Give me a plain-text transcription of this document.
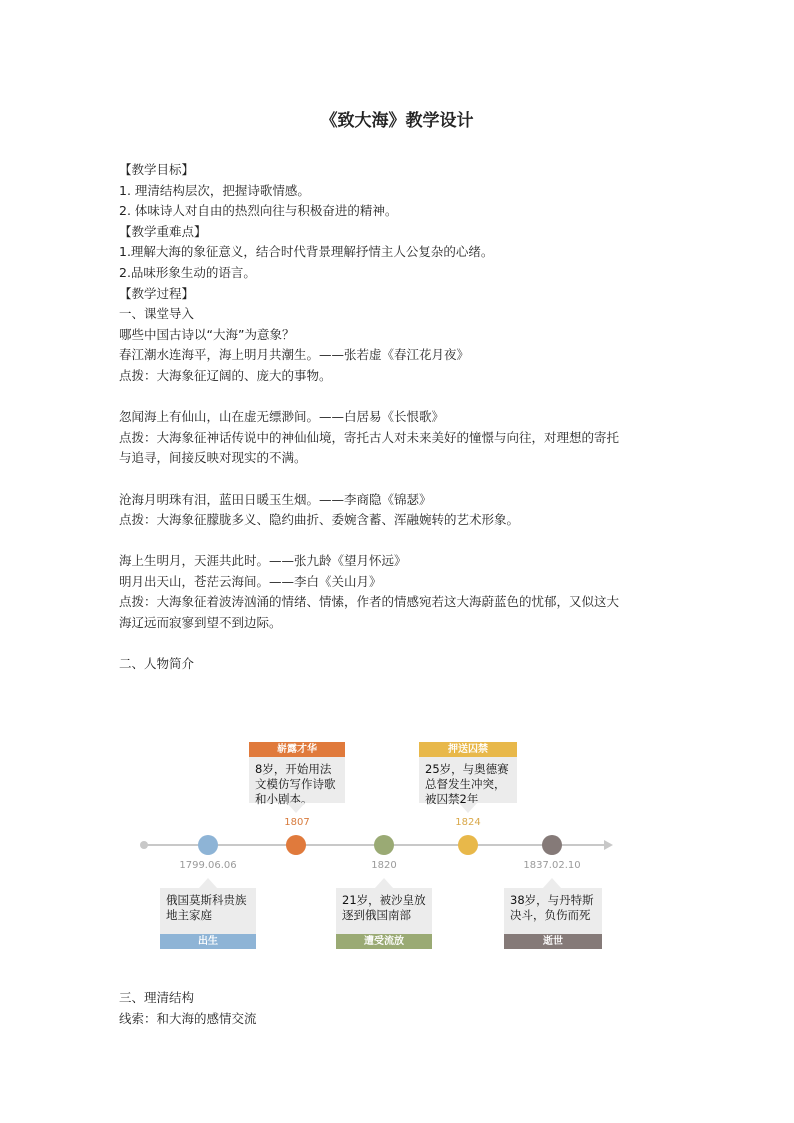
《致大海》教学设计

【教学目标】

1. 理清结构层次，把握诗歌情感。

2. 体味诗人对自由的热烈向往与积极奋进的精神。

【教学重难点】

1.理解大海的象征意义，结合时代背景理解抒情主人公复杂的心绪。

2.品味形象生动的语言。

【教学过程】

一、课堂导入

哪些中国古诗以“大海”为意象？

春江潮水连海平，海上明月共潮生。——张若虚《春江花月夜》

点拨：大海象征辽阔的、庞大的事物。

忽闻海上有仙山，山在虚无缥渺间。——白居易《长恨歌》

点拨：大海象征神话传说中的神仙仙境，寄托古人对未来美好的憧憬与向往，对理想的寄托

与追寻，间接反映对现实的不满。

沧海月明珠有泪，蓝田日暖玉生烟。——李商隐《锦瑟》

点拨：大海象征朦胧多义、隐约曲折、委婉含蓄、浑融婉转的艺术形象。

海上生明月，天涯共此时。——张九龄《望月怀远》

明月出天山，苍茫云海间。——李白《关山月》

点拨：大海象征着波涛汹涌的情绪、情愫，作者的情感宛若这大海蔚蓝色的忧郁，又似这大

海辽远而寂寥到望不到边际。

二、人物简介

1799.06.06
俄国莫斯科贵族地主家庭
出生
崭露才华
8岁，开始用法文模仿写作诗歌和小剧本。
1807
1820
21岁，被沙皇放逐到俄国南部
遭受流放
押送囚禁
25岁，与奥德赛总督发生冲突，被囚禁2年
1824
1837.02.10
38岁，与丹特斯决斗，负伤而死
逝世

三、理清结构

线索：和大海的感情交流
